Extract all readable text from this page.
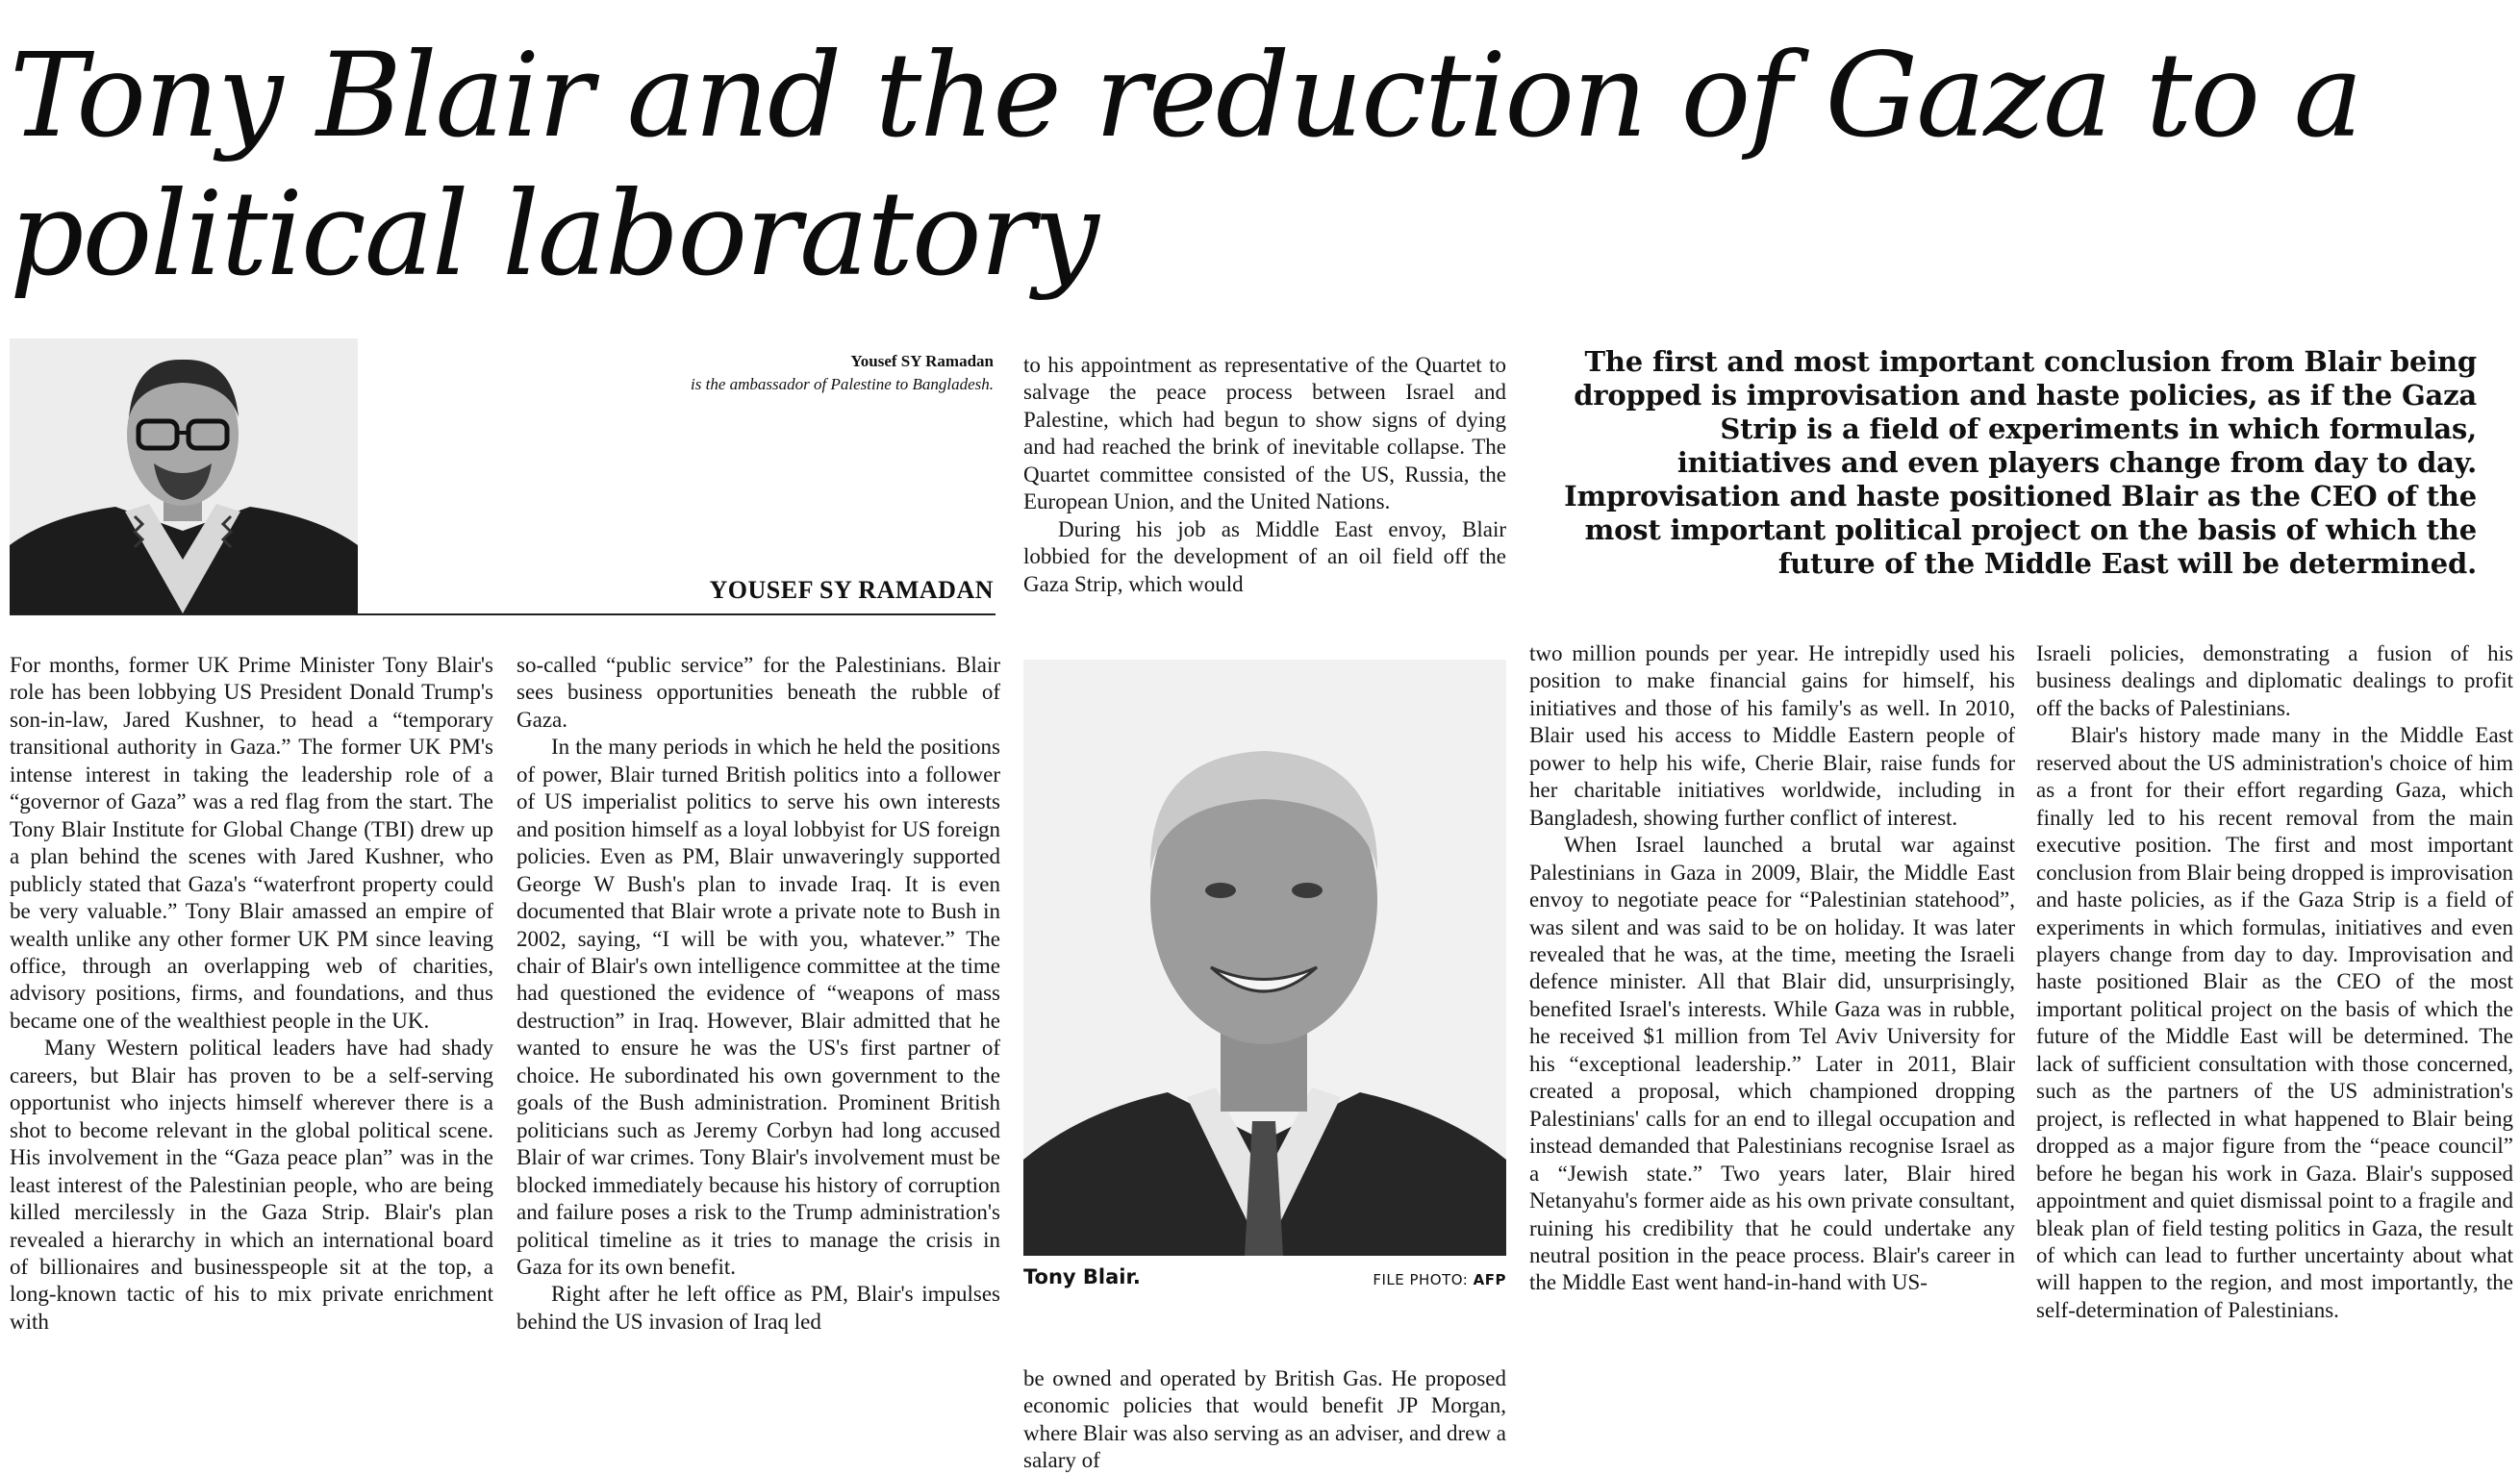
Tony Blair and the reduction of Gaza to a political laboratory
Yousef SY Ramadan
is the ambassador of Palestine to Bangladesh.
YOUSEF SY RAMADAN
The first and most important conclusion from Blair being dropped is improvisation and haste policies, as if the Gaza Strip is a field of experiments in which formulas, initiatives and even players change from day to day. Improvisation and haste positioned Blair as the CEO of the most important political project on the basis of which the future of the Middle East will be determined.

For months, former UK Prime Minister Tony Blair's role has been lobbying US President Donald Trump's son-in-law, Jared Kushner, to head a “temporary transitional authority in Gaza.” The former UK PM's intense interest in taking the leadership role of a “governor of Gaza” was a red flag from the start. The Tony Blair Institute for Global Change (TBI) drew up a plan behind the scenes with Jared Kushner, who publicly stated that Gaza's “waterfront property could be very valuable.” Tony Blair amassed an empire of wealth unlike any other former UK PM since leaving office, through an overlapping web of charities, advisory positions, firms, and foundations, and thus became one of the wealthiest people in the UK.

Many Western political leaders have had shady careers, but Blair has proven to be a self-serving opportunist who injects himself wherever there is a shot to become relevant in the global political scene. His involvement in the “Gaza peace plan” was in the least interest of the Palestinian people, who are being killed mercilessly in the Gaza Strip. Blair's plan revealed a hierarchy in which an international board of billionaires and businesspeople sit at the top, a long-known tactic of his to mix private enrichment with

so-called “public service” for the Palestinians. Blair sees business opportunities beneath the rubble of Gaza.

In the many periods in which he held the positions of power, Blair turned British politics into a follower of US imperialist politics to serve his own interests and position himself as a loyal lobbyist for US foreign policies. Even as PM, Blair unwaveringly supported George W Bush's plan to invade Iraq. It is even documented that Blair wrote a private note to Bush in 2002, saying, “I will be with you, whatever.” The chair of Blair's own intelligence committee at the time had questioned the evidence of “weapons of mass destruction” in Iraq. However, Blair admitted that he wanted to ensure he was the US's first partner of choice. He subordinated his own government to the goals of the Bush administration. Prominent British politicians such as Jeremy Corbyn had long accused Blair of war crimes. Tony Blair's involvement must be blocked immediately because his history of corruption and failure poses a risk to the Trump administration's political timeline as it tries to manage the crisis in Gaza for its own benefit.

Right after he left office as PM, Blair's impulses behind the US invasion of Iraq led

to his appointment as representative of the Quartet to salvage the peace process between Israel and Palestine, which had begun to show signs of dying and had reached the brink of inevitable collapse. The Quartet committee consisted of the US, Russia, the European Union, and the United Nations.

During his job as Middle East envoy, Blair lobbied for the development of an oil field off the Gaza Strip, which would

Tony Blair.	FILE PHOTO: AFP

be owned and operated by British Gas. He proposed economic policies that would benefit JP Morgan, where Blair was also serving as an adviser, and drew a salary of

two million pounds per year. He intrepidly used his position to make financial gains for himself, his initiatives and those of his family's as well. In 2010, Blair used his access to Middle Eastern people of power to help his wife, Cherie Blair, raise funds for her charitable initiatives worldwide, including in Bangladesh, showing further conflict of interest.

When Israel launched a brutal war against Palestinians in Gaza in 2009, Blair, the Middle East envoy to negotiate peace for “Palestinian statehood”, was silent and was said to be on holiday. It was later revealed that he was, at the time, meeting the Israeli defence minister. All that Blair did, unsurprisingly, benefited Israel's interests. While Gaza was in rubble, he received $1 million from Tel Aviv University for his “exceptional leadership.” Later in 2011, Blair created a proposal, which championed dropping Palestinians' calls for an end to illegal occupation and instead demanded that Palestinians recognise Israel as a “Jewish state.” Two years later, Blair hired Netanyahu's former aide as his own private consultant, ruining his credibility that he could undertake any neutral position in the peace process. Blair's career in the Middle East went hand-in-hand with US-

Israeli policies, demonstrating a fusion of his business dealings and diplomatic dealings to profit off the backs of Palestinians.

Blair's history made many in the Middle East reserved about the US administration's choice of him as a front for their effort regarding Gaza, which finally led to his recent removal from the main executive position. The first and most important conclusion from Blair being dropped is improvisation and haste policies, as if the Gaza Strip is a field of experiments in which formulas, initiatives and even players change from day to day. Improvisation and haste positioned Blair as the CEO of the most important political project on the basis of which the future of the Middle East will be determined. The lack of sufficient consultation with those concerned, such as the partners of the US administration's project, is reflected in what happened to Blair being dropped as a major figure from the “peace council” before he began his work in Gaza. Blair's supposed appointment and quiet dismissal point to a fragile and bleak plan of field testing politics in Gaza, the result of which can lead to further uncertainty about what will happen to the region, and most importantly, the self-determination of Palestinians.
